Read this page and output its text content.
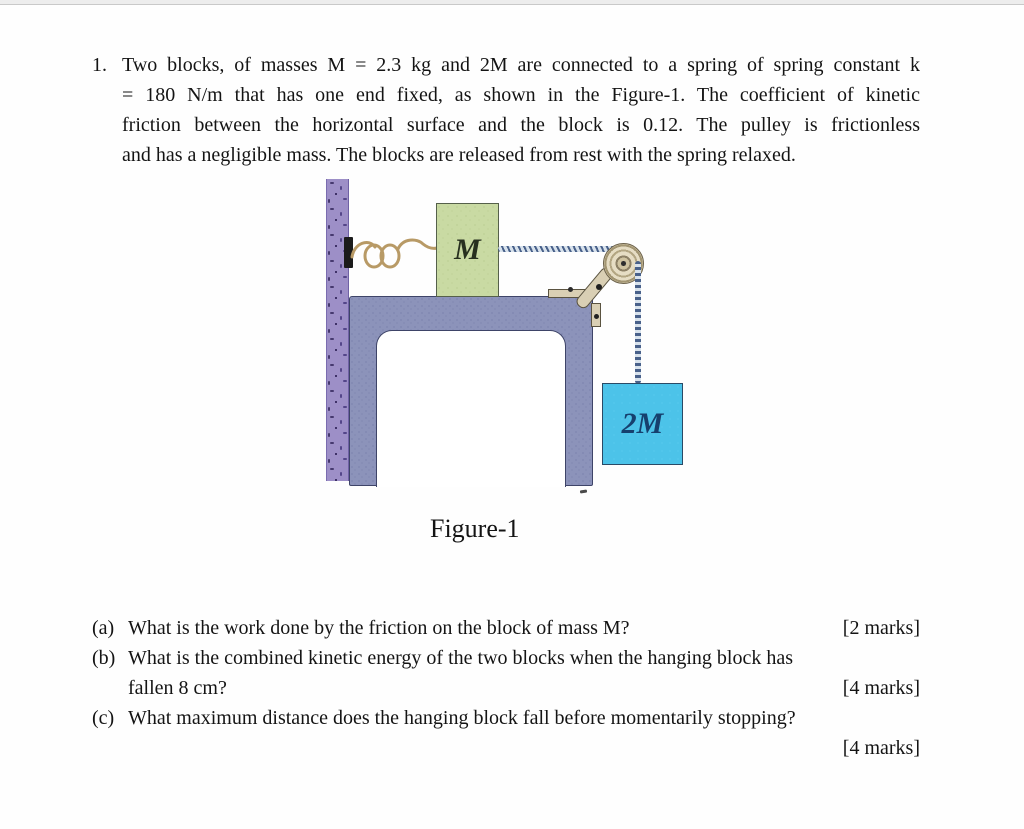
1. Two blocks, of masses M = 2.3 kg and 2M are connected to a spring of spring constant k
= 180 N/m that has one end fixed, as shown in the Figure-1. The coefficient of kinetic
friction between the horizontal surface and the block is 0.12. The pulley is frictionless
and has a negligible mass. The blocks are released from rest with the spring relaxed.
M
2M
Figure-1
(a) What is the work done by the friction on the block of mass M?	[2 marks]
(b) What is the combined kinetic energy of the two blocks when the hanging block has
fallen 8 cm?	[4 marks]
(c) What maximum distance does the hanging block fall before momentarily stopping?
[4 marks]
